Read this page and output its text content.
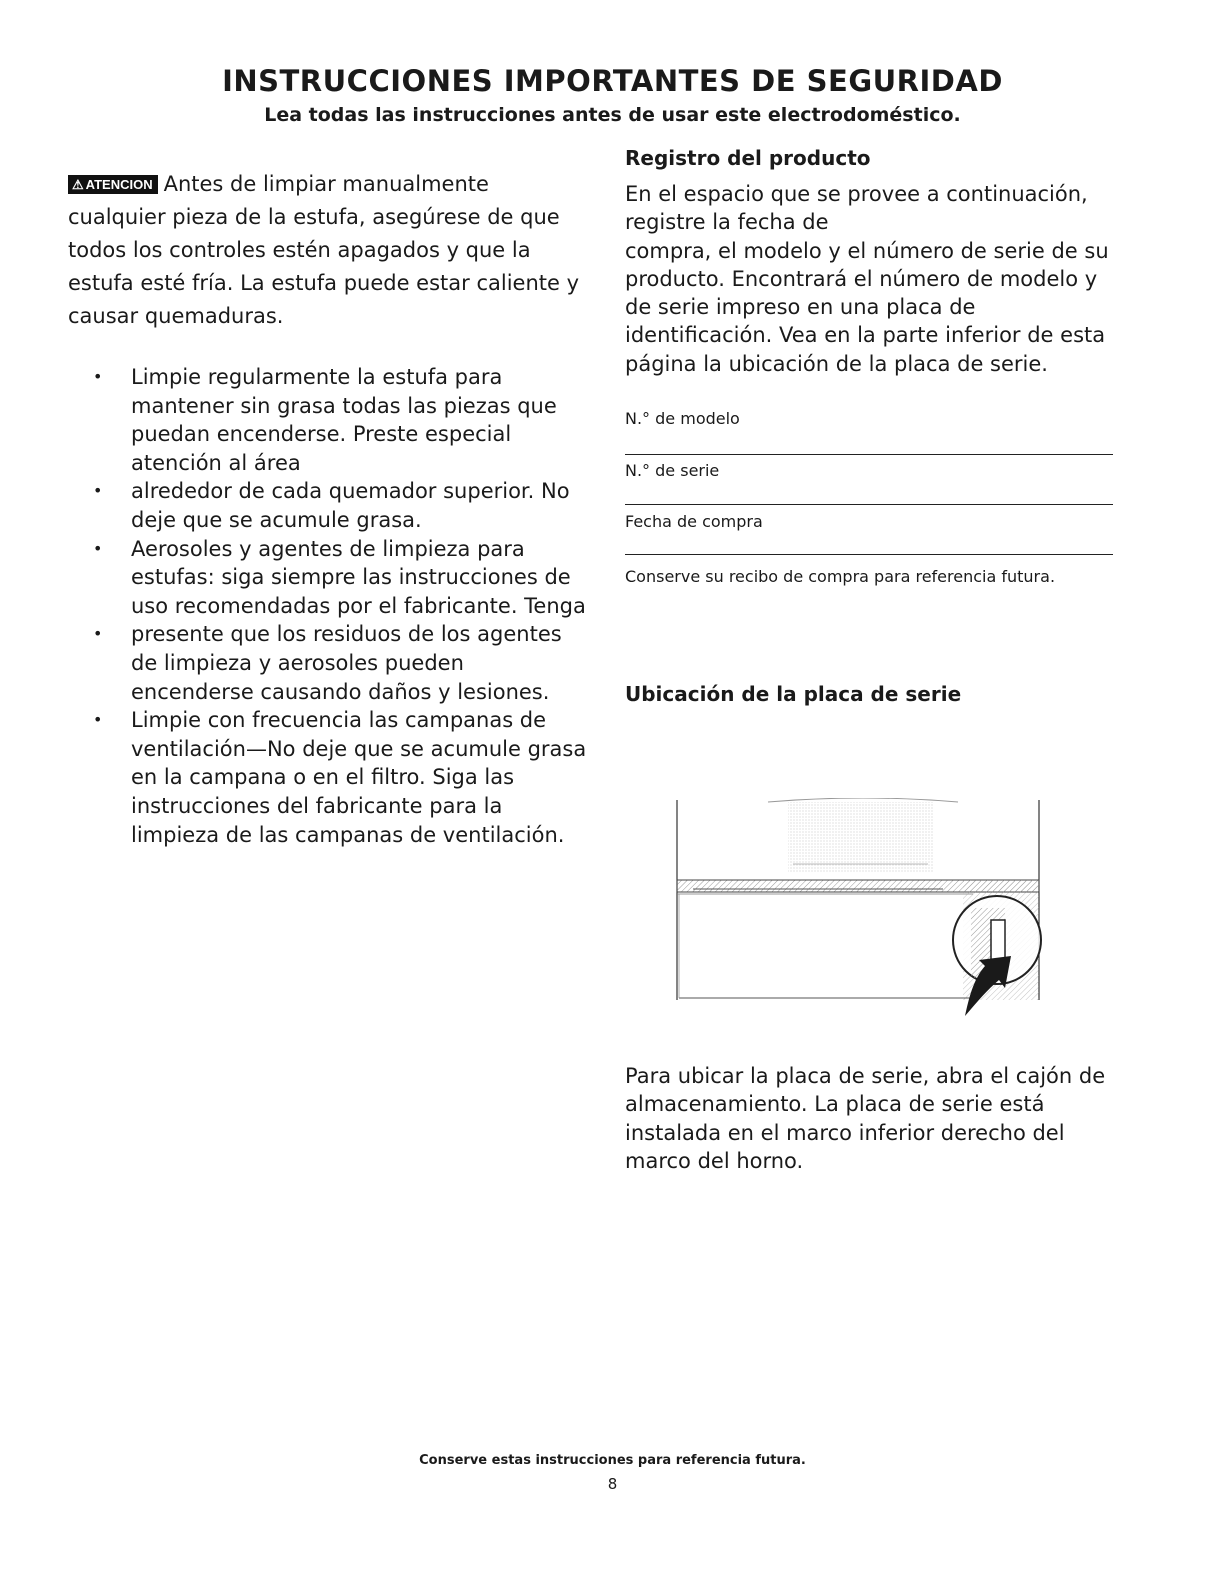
INSTRUCCIONES IMPORTANTES DE SEGURIDAD
Lea todas las instrucciones antes de usar este electrodoméstico.
⚠ ATENCION Antes de limpiar manualmente cualquier pieza de la estufa, asegúrese de que todos los controles estén apagados y que la estufa esté fría. La estufa puede estar caliente y causar quemaduras.
• Limpie regularmente la estufa para mantener sin grasa todas las piezas que puedan encenderse. Preste especial atención al área
• alrededor de cada quemador superior. No deje que se acumule grasa.
• Aerosoles y agentes de limpieza para estufas: siga siempre las instrucciones de uso recomendadas por el fabricante. Tenga
• presente que los residuos de los agentes de limpieza y aerosoles pueden encenderse causando daños y lesiones.
• Limpie con frecuencia las campanas de ventilación—No deje que se acumule grasa en la campana o en el filtro. Siga las instrucciones del fabricante para la limpieza de las campanas de ventilación.
Registro del producto
En el espacio que se provee a continuación, registre la fecha de
compra, el modelo y el número de serie de su producto. Encontrará el número de modelo y de serie impreso en una placa de identificación. Vea en la parte inferior de esta página la ubicación de la placa de serie.
N.° de modelo
N.° de serie
Fecha de compra
Conserve su recibo de compra para referencia futura.
Ubicación de la placa de serie
Para ubicar la placa de serie, abra el cajón de almacenamiento. La placa de serie está instalada en el marco inferior derecho del marco del horno.
Conserve estas instrucciones para referencia futura.
8
